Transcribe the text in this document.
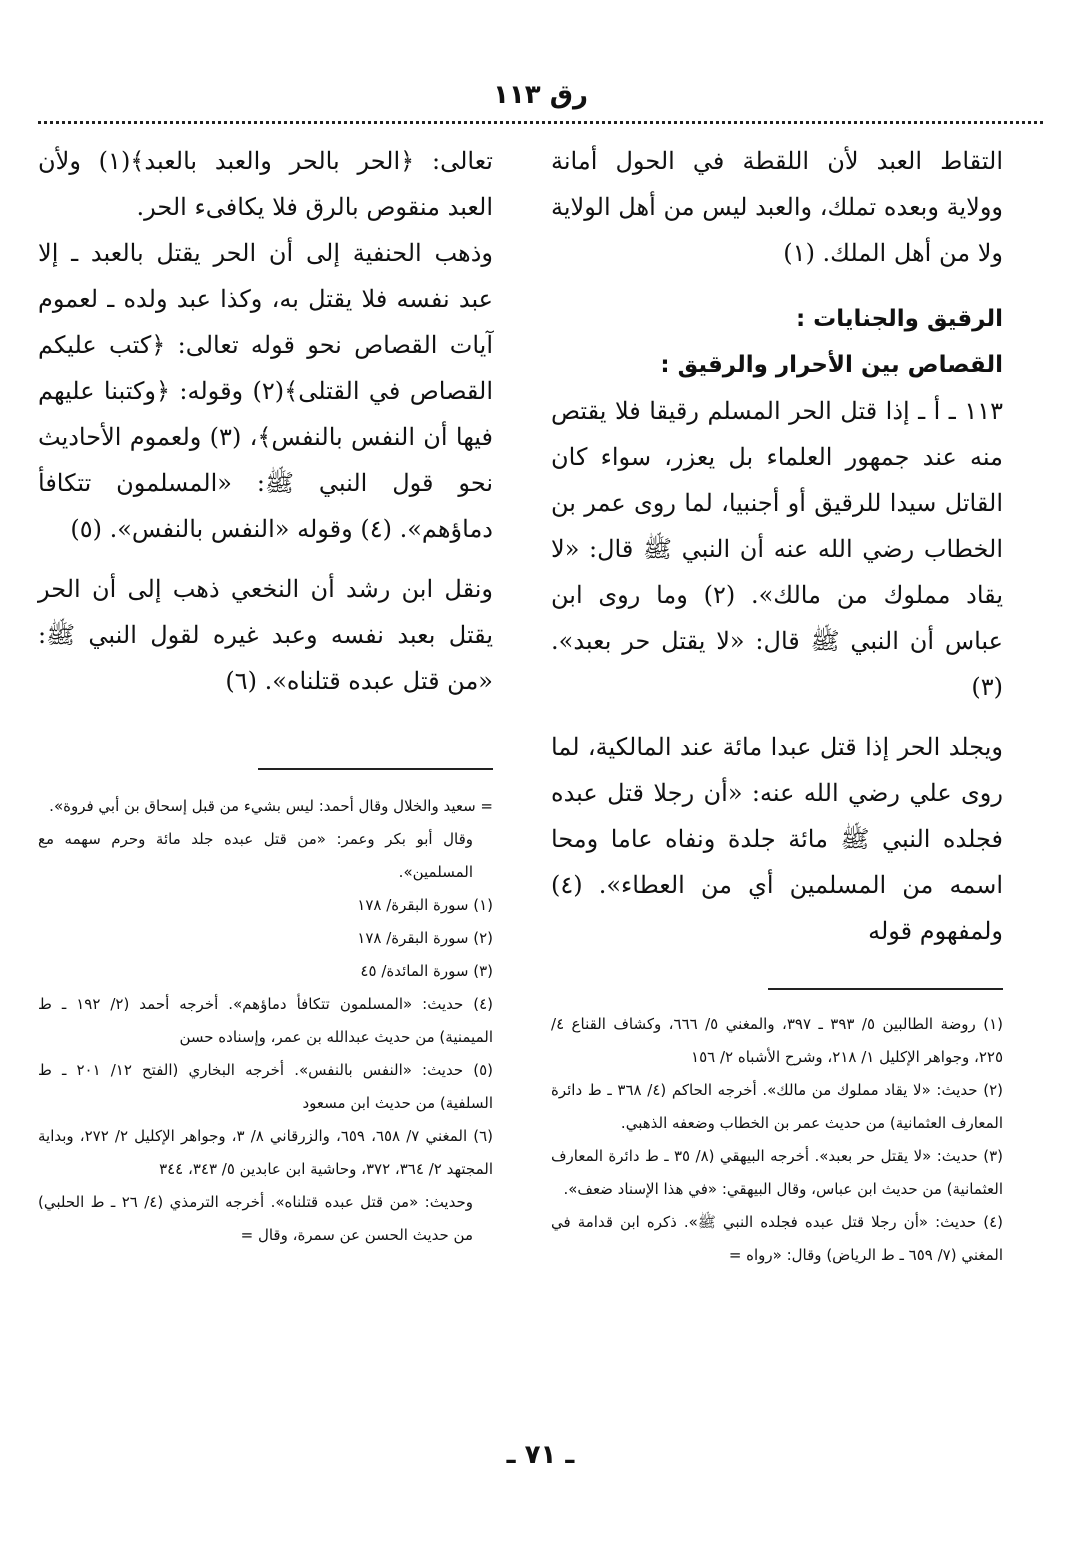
رق ١١٣

التقاط العبد لأن اللقطة في الحول أمانة وولاية وبعده تملك، والعبد ليس من أهل الولاية ولا من أهل الملك. (١)

الرقيق والجنايات :

القصاص بين الأحرار والرقيق :

١١٣ ـ أ ـ إذا قتل الحر المسلم رقيقا فلا يقتص منه عند جمهور العلماء بل يعزر، سواء كان القاتل سيدا للرقيق أو أجنبيا، لما روى عمر بن الخطاب رضي الله عنه أن النبي ﷺ قال: «لا يقاد مملوك من مالك». (٢) وما روى ابن عباس أن النبي ﷺ قال: «لا يقتل حر بعبد». (٣)

ويجلد الحر إذا قتل عبدا مائة عند المالكية، لما روى علي رضي الله عنه: «أن رجلا قتل عبده فجلده النبي ﷺ مائة جلدة ونفاه عاما ومحا اسمه من المسلمين أي من العطاء». (٤) ولمفهوم قوله

تعالى: ﴿الحر بالحر والعبد بالعبد﴾(١) ولأن العبد منقوص بالرق فلا يكافىء الحر.

وذهب الحنفية إلى أن الحر يقتل بالعبد ـ إلا عبد نفسه فلا يقتل به، وكذا عبد ولده ـ لعموم آيات القصاص نحو قوله تعالى: ﴿كتب عليكم القصاص في القتلى﴾(٢) وقوله: ﴿وكتبنا عليهم فيها أن النفس بالنفس﴾، (٣) ولعموم الأحاديث نحو قول النبي ﷺ: «المسلمون تتكافأ دماؤهم». (٤) وقوله «النفس بالنفس». (٥)

ونقل ابن رشد أن النخعي ذهب إلى أن الحر يقتل بعبد نفسه وعبد غيره لقول النبي ﷺ: «من قتل عبده قتلناه». (٦)

(١) روضة الطالبين ٥/ ٣٩٣ ـ ٣٩٧، والمغني ٥/ ٦٦٦، وكشاف القناع ٤/ ٢٢٥، وجواهر الإكليل ١/ ٢١٨، وشرح الأشباه ٢/ ١٥٦

(٢) حديث: «لا يقاد مملوك من مالك». أخرجه الحاكم (٤/ ٣٦٨ ـ ط دائرة المعارف العثمانية) من حديث عمر بن الخطاب وضعفه الذهبي.

(٣) حديث: «لا يقتل حر بعبد». أخرجه البيهقي (٨/ ٣٥ ـ ط دائرة المعارف العثمانية) من حديث ابن عباس، وقال البيهقي: «في هذا الإسناد ضعف».

(٤) حديث: «أن رجلا قتل عبده فجلده النبي ﷺ». ذكره ابن قدامة في المغني (٧/ ٦٥٩ ـ ط الرياض) وقال: «رواه =

= سعيد والخلال وقال أحمد: ليس بشيء من قبل إسحاق بن أبي فروة».

وقال أبو بكر وعمر: «من قتل عبده جلد مائة وحرم سهمه مع المسلمين».

(١) سورة البقرة/ ١٧٨

(٢) سورة البقرة/ ١٧٨

(٣) سورة المائدة/ ٤٥

(٤) حديث: «المسلمون تتكافأ دماؤهم». أخرجه أحمد (٢/ ١٩٢ ـ ط الميمنية) من حديث عبدالله بن عمر، وإسناده حسن

(٥) حديث: «النفس بالنفس». أخرجه البخاري (الفتح ١٢/ ٢٠١ ـ ط السلفية) من حديث ابن مسعود

(٦) المغني ٧/ ٦٥٨، ٦٥٩، والزرقاني ٨/ ٣، وجواهر الإكليل ٢/ ٢٧٢، وبداية المجتهد ٢/ ٣٦٤، ٣٧٢، وحاشية ابن عابدين ٥/ ٣٤٣، ٣٤٤

وحديث: «من قتل عبده قتلناه». أخرجه الترمذي (٤/ ٢٦ ـ ط الحلبي) من حديث الحسن عن سمرة، وقال =

ـ ٧١ ـ
